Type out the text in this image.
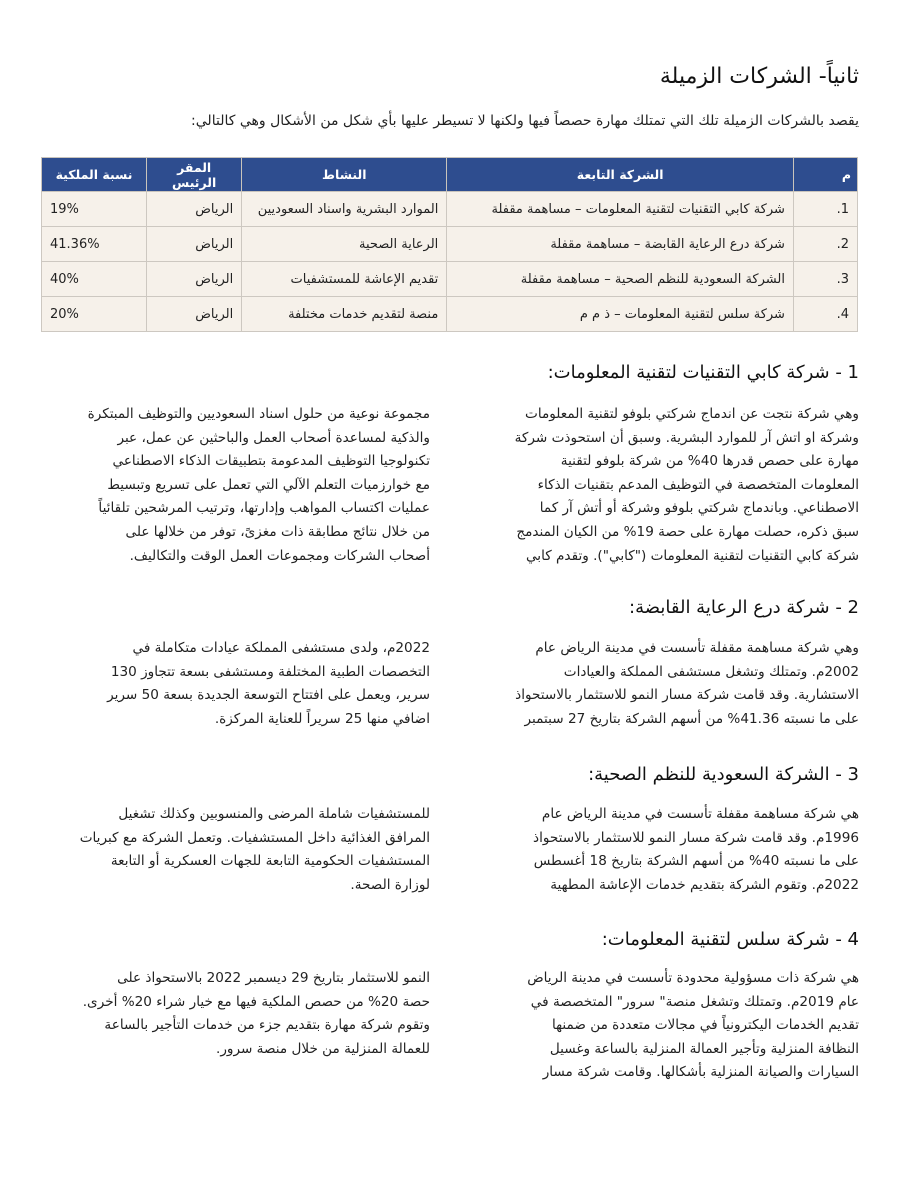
ثانياً- الشركات الزميلة

يقصد بالشركات الزميلة تلك التي تمتلك مهارة حصصاً فيها ولكنها لا تسيطر عليها بأي شكل من الأشكال وهي كالتالي:

م	الشركة التابعة	النشاط	المقر الرئيس	نسبة الملكية
1.	شركة كابي التقنيات لتقنية المعلومات – مساهمة مقفلة	الموارد البشرية واسناد السعوديين	الرياض	19%
2.	شركة درع الرعاية القابضة – مساهمة مقفلة	الرعاية الصحية	الرياض	41.36%
3.	الشركة السعودية للنظم الصحية – مساهمة مقفلة	تقديم الإعاشة للمستشفيات	الرياض	40%
4.	شركة سلس لتقنية المعلومات – ذ م م	منصة لتقديم خدمات مختلفة	الرياض	20%
1 - شركة كابي التقنيات لتقنية المعلومات:
وهي شركة نتجت عن اندماج شركتي بلوفو لتقنية المعلومات
وشركة او اتش آر للموارد البشرية. وسبق أن استحوذت شركة
مهارة على حصص قدرها 40% من شركة بلوفو لتقنية
المعلومات المتخصصة في التوظيف المدعم بتقنيات الذكاء
الاصطناعي. وباندماج شركتي بلوفو وشركة أو أتش آر كما
سبق ذكره، حصلت مهارة على حصة 19% من الكيان المندمج
شركة كابي التقنيات لتقنية المعلومات ("كابي"). وتقدم كابي
مجموعة نوعية من حلول اسناد السعوديين والتوظيف المبتكرة
والذكية لمساعدة أصحاب العمل والباحثين عن عمل، عبر
تكنولوجيا التوظيف المدعومة بتطبيقات الذكاء الاصطناعي
مع خوارزميات التعلم الآلي التي تعمل على تسريع وتبسيط
عمليات اكتساب المواهب وإدارتها، وترتيب المرشحين تلقائياً
من خلال نتائج مطابقة ذات مغزىً، توفر من خلالها على
أصحاب الشركات ومجموعات العمل الوقت والتكاليف.
2 - شركة درع الرعاية القابضة:
وهي شركة مساهمة مقفلة تأسست في مدينة الرياض عام
2002م. وتمتلك وتشغل مستشفى المملكة والعيادات
الاستشارية. وقد قامت شركة مسار النمو للاستثمار بالاستحواذ
على ما نسبته 41.36% من أسهم الشركة بتاريخ 27 سبتمبر
2022م، ولدى مستشفى المملكة عيادات متكاملة في
التخصصات الطبية المختلفة ومستشفى بسعة تتجاوز 130
سرير، ويعمل على افتتاح التوسعة الجديدة بسعة 50 سرير
اضافي منها 25 سريراً للعناية المركزة.
3 - الشركة السعودية للنظم الصحية:
هي شركة مساهمة مقفلة تأسست في مدينة الرياض عام
1996م. وقد قامت شركة مسار النمو للاستثمار بالاستحواذ
على ما نسبته 40% من أسهم الشركة بتاريخ 18 أغسطس
2022م. وتقوم الشركة بتقديم خدمات الإعاشة المطهية
للمستشفيات شاملة المرضى والمنسوبين وكذلك تشغيل
المرافق الغذائية داخل المستشفيات. وتعمل الشركة مع كبريات
المستشفيات الحكومية التابعة للجهات العسكرية أو التابعة
لوزارة الصحة.
4 - شركة سلس لتقنية المعلومات:
هي شركة ذات مسؤولية محدودة تأسست في مدينة الرياض
عام 2019م. وتمتلك وتشغل منصة" سرور" المتخصصة في
تقديم الخدمات اليكترونياً في مجالات متعددة من ضمنها
النظافة المنزلية وتأجير العمالة المنزلية بالساعة وغسيل
السيارات والصيانة المنزلية بأشكالها. وقامت شركة مسار
النمو للاستثمار بتاريخ 29 ديسمبر 2022 بالاستحواذ على
حصة 20% من حصص الملكية فيها مع خيار شراء 20% أخرى.
وتقوم شركة مهارة بتقديم جزء من خدمات التأجير بالساعة
للعمالة المنزلية من خلال منصة سرور.
